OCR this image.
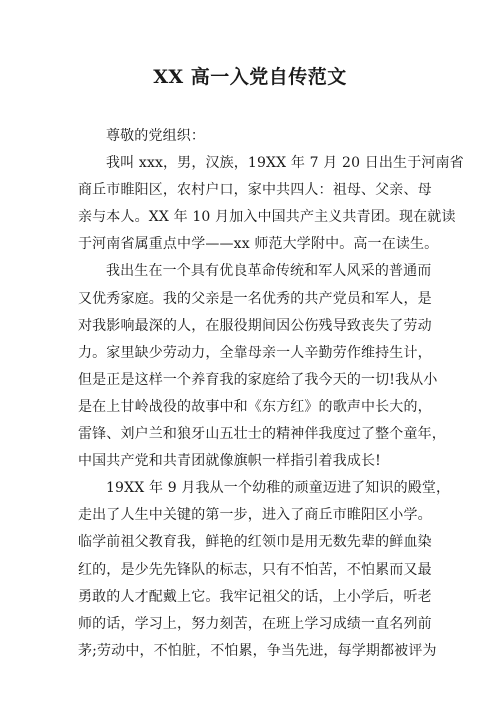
XX 高一入党自传范文

尊敬的党组织：

我叫 xxx，男，汉族，19XX 年 7 月 20 日出生于河南省

商丘市睢阳区，农村户口，家中共四人：祖母、父亲、母

亲与本人。XX 年 10 月加入中国共产主义共青团。现在就读

于河南省属重点中学——xx 师范大学附中。高一在读生。

我出生在一个具有优良革命传统和军人风采的普通而

又优秀家庭。我的父亲是一名优秀的共产党员和军人，是

对我影响最深的人，在服役期间因公伤残导致丧失了劳动

力。家里缺少劳动力，全靠母亲一人辛勤劳作维持生计，

但是正是这样一个养育我的家庭给了我今天的一切!我从小

是在上甘岭战役的故事中和《东方红》的歌声中长大的，

雷锋、刘户兰和狼牙山五壮士的精神伴我度过了整个童年，

中国共产党和共青团就像旗帜一样指引着我成长!

19XX 年 9 月我从一个幼稚的顽童迈进了知识的殿堂，

走出了人生中关键的第一步，进入了商丘市睢阳区小学。

临学前祖父教育我，鲜艳的红领巾是用无数先辈的鲜血染

红的，是少先先锋队的标志，只有不怕苦，不怕累而又最

勇敢的人才配戴上它。我牢记祖父的话，上小学后，听老

师的话，学习上，努力刻苦，在班上学习成绩一直名列前

茅;劳动中，不怕脏，不怕累，争当先进，每学期都被评为
